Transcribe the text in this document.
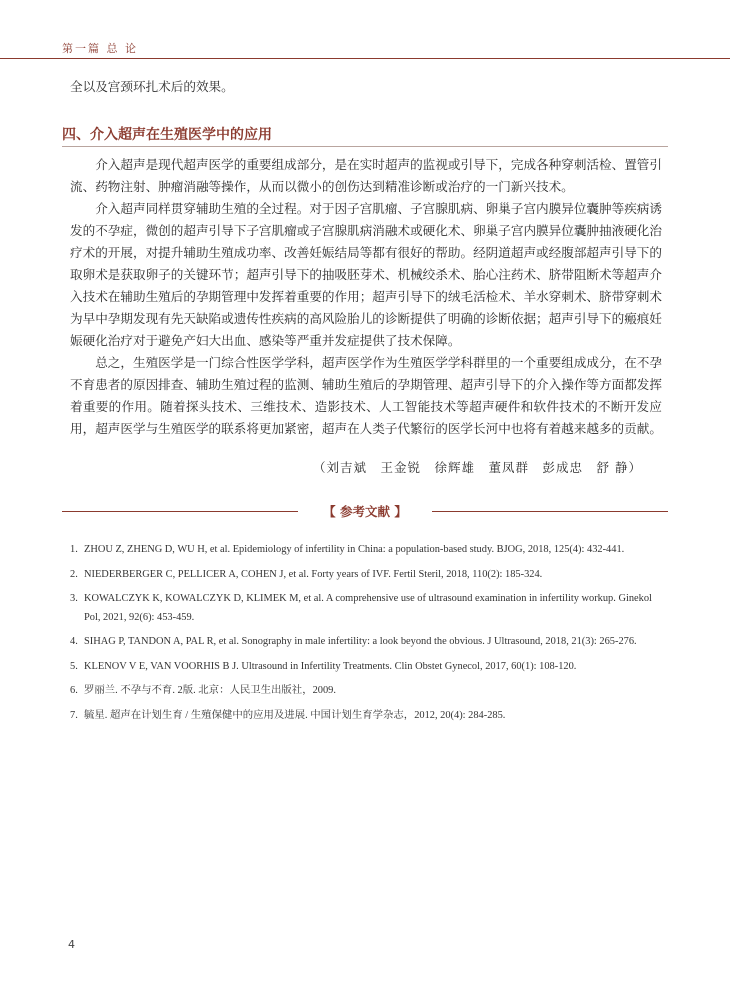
第一篇 总 论
全以及宫颈环扎术后的效果。
四、介入超声在生殖医学中的应用

介入超声是现代超声医学的重要组成部分，是在实时超声的监视或引导下，完成各种穿刺活检、置管引流、药物注射、肿瘤消融等操作，从而以微小的创伤达到精准诊断或治疗的一门新兴技术。

介入超声同样贯穿辅助生殖的全过程。对于因子宫肌瘤、子宫腺肌病、卵巢子宫内膜异位囊肿等疾病诱发的不孕症，微创的超声引导下子宫肌瘤或子宫腺肌病消融术或硬化术、卵巢子宫内膜异位囊肿抽液硬化治疗术的开展，对提升辅助生殖成功率、改善妊娠结局等都有很好的帮助。经阴道超声或经腹部超声引导下的取卵术是获取卵子的关键环节；超声引导下的抽吸胚芽术、机械绞杀术、胎心注药术、脐带阻断术等超声介入技术在辅助生殖后的孕期管理中发挥着重要的作用；超声引导下的绒毛活检术、羊水穿刺术、脐带穿刺术为早中孕期发现有先天缺陷或遗传性疾病的高风险胎儿的诊断提供了明确的诊断依据；超声引导下的瘢痕妊娠硬化治疗对于避免产妇大出血、感染等严重并发症提供了技术保障。

总之，生殖医学是一门综合性医学学科，超声医学作为生殖医学学科群里的一个重要组成成分，在不孕不育患者的原因排查、辅助生殖过程的监测、辅助生殖后的孕期管理、超声引导下的介入操作等方面都发挥着重要的作用。随着探头技术、三维技术、造影技术、人工智能技术等超声硬件和软件技术的不断开发应用，超声医学与生殖医学的联系将更加紧密，超声在人类子代繁衍的医学长河中也将有着越来越多的贡献。

（刘吉斌　王金锐　徐辉雄　董凤群　彭成忠　舒 静）
【 参考文献 】
1. ZHOU Z, ZHENG D, WU H, et al. Epidemiology of infertility in China: a population-based study. BJOG, 2018, 125(4): 432-441.
2. NIEDERBERGER C, PELLICER A, COHEN J, et al. Forty years of IVF. Fertil Steril, 2018, 110(2): 185-324.
3. KOWALCZYK K, KOWALCZYK D, KLIMEK M, et al. A comprehensive use of ultrasound examination in infertility workup. Ginekol Pol, 2021, 92(6): 453-459.
4. SIHAG P, TANDON A, PAL R, et al. Sonography in male infertility: a look beyond the obvious. J Ultrasound, 2018, 21(3): 265-276.
5. KLENOV V E, VAN VOORHIS B J. Ultrasound in Infertility Treatments. Clin Obstet Gynecol, 2017, 60(1): 108-120.
6. 罗丽兰. 不孕与不育. 2版. 北京：人民卫生出版社，2009.
7. 毓星. 超声在计划生育 / 生殖保健中的应用及进展. 中国计划生育学杂志，2012, 20(4): 284-285.
4
